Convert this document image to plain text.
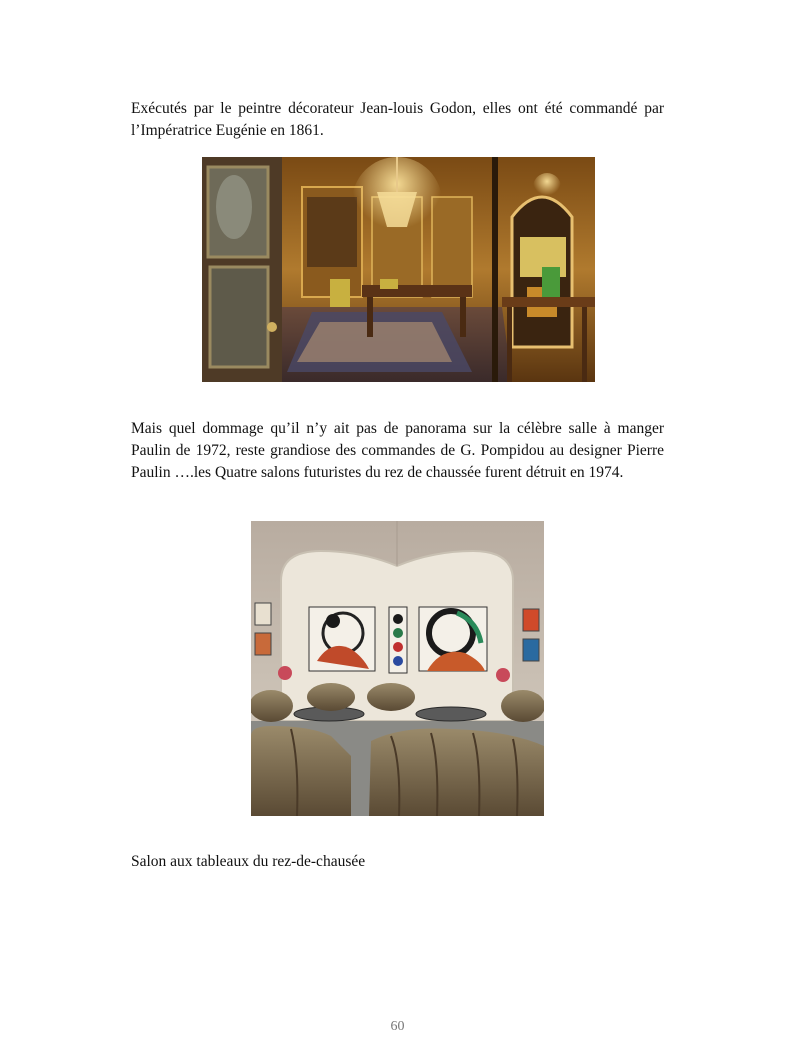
Exécutés par le peintre décorateur Jean-louis Godon, elles ont été commandé par l’Impératrice Eugénie en 1861.

Mais quel dommage qu’il n’y ait pas de panorama sur la célèbre salle à manger Paulin de 1972, reste grandiose des commandes de G. Pompidou au designer Pierre Paulin ….les Quatre salons futuristes du rez de chaussée furent détruit en 1974.

Salon aux tableaux du rez-de-chausée

60
